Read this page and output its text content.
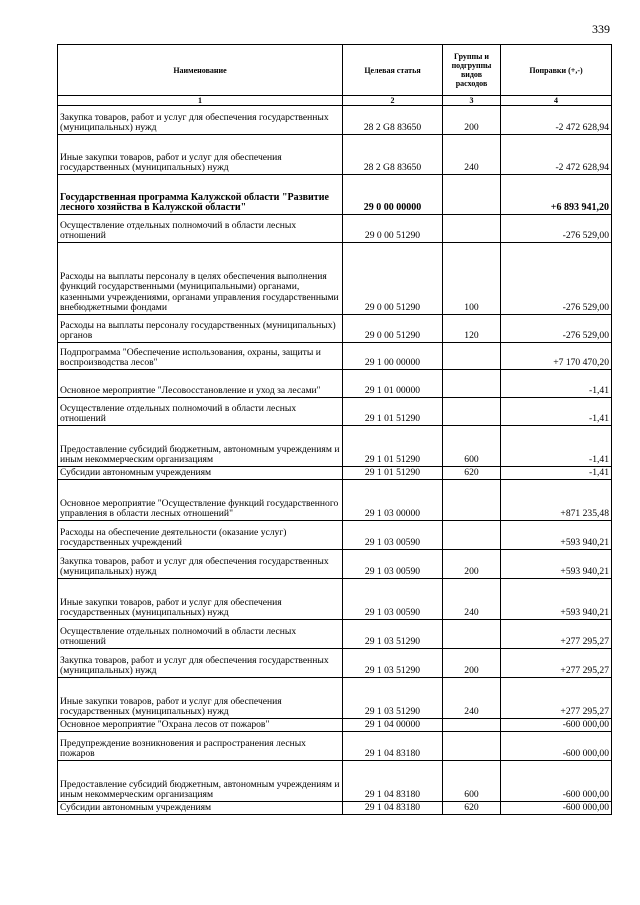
339
Наименование	Целевая статья	Группы и подгруппы видов расходов	Поправки (+,-)
1	2	3	4
Закупка товаров, работ и услуг для обеспечения государственных (муниципальных) нужд	28 2 G8 83650	200	-2 472 628,94
Иные закупки товаров, работ и услуг для обеспечения государственных (муниципальных) нужд	28 2 G8 83650	240	-2 472 628,94
Государственная программа Калужской области "Развитие лесного хозяйства в Калужской области"	29 0 00 00000		+6 893 941,20
Осуществление отдельных полномочий в области лесных отношений	29 0 00 51290		-276 529,00
Расходы на выплаты персоналу в целях обеспечения выполнения функций государственными (муниципальными) органами, казенными учреждениями, органами управления государственными внебюджетными фондами	29 0 00 51290	100	-276 529,00
Расходы на выплаты персоналу государственных (муниципальных) органов	29 0 00 51290	120	-276 529,00
Подпрограмма "Обеспечение использования, охраны, защиты и воспроизводства лесов"	29 1 00 00000		+7 170 470,20
Основное мероприятие "Лесовосстановление и уход за лесами"	29 1 01 00000		-1,41
Осуществление отдельных полномочий в области лесных отношений	29 1 01 51290		-1,41
Предоставление субсидий бюджетным, автономным учреждениям и иным некоммерческим организациям	29 1 01 51290	600	-1,41
Субсидии автономным учреждениям	29 1 01 51290	620	-1,41
Основное мероприятие "Осуществление функций государственного управления в области лесных отношений"	29 1 03 00000		+871 235,48
Расходы на обеспечение деятельности (оказание услуг) государственных учреждений	29 1 03 00590		+593 940,21
Закупка товаров, работ и услуг для обеспечения государственных (муниципальных) нужд	29 1 03 00590	200	+593 940,21
Иные закупки товаров, работ и услуг для обеспечения государственных (муниципальных) нужд	29 1 03 00590	240	+593 940,21
Осуществление отдельных полномочий в области лесных отношений	29 1 03 51290		+277 295,27
Закупка товаров, работ и услуг для обеспечения государственных (муниципальных) нужд	29 1 03 51290	200	+277 295,27
Иные закупки товаров, работ и услуг для обеспечения государственных (муниципальных) нужд	29 1 03 51290	240	+277 295,27
Основное мероприятие "Охрана лесов от пожаров"	29 1 04 00000		-600 000,00
Предупреждение возникновения и распространения лесных пожаров	29 1 04 83180		-600 000,00
Предоставление субсидий бюджетным, автономным учреждениям и иным некоммерческим организациям	29 1 04 83180	600	-600 000,00
Субсидии автономным учреждениям	29 1 04 83180	620	-600 000,00
